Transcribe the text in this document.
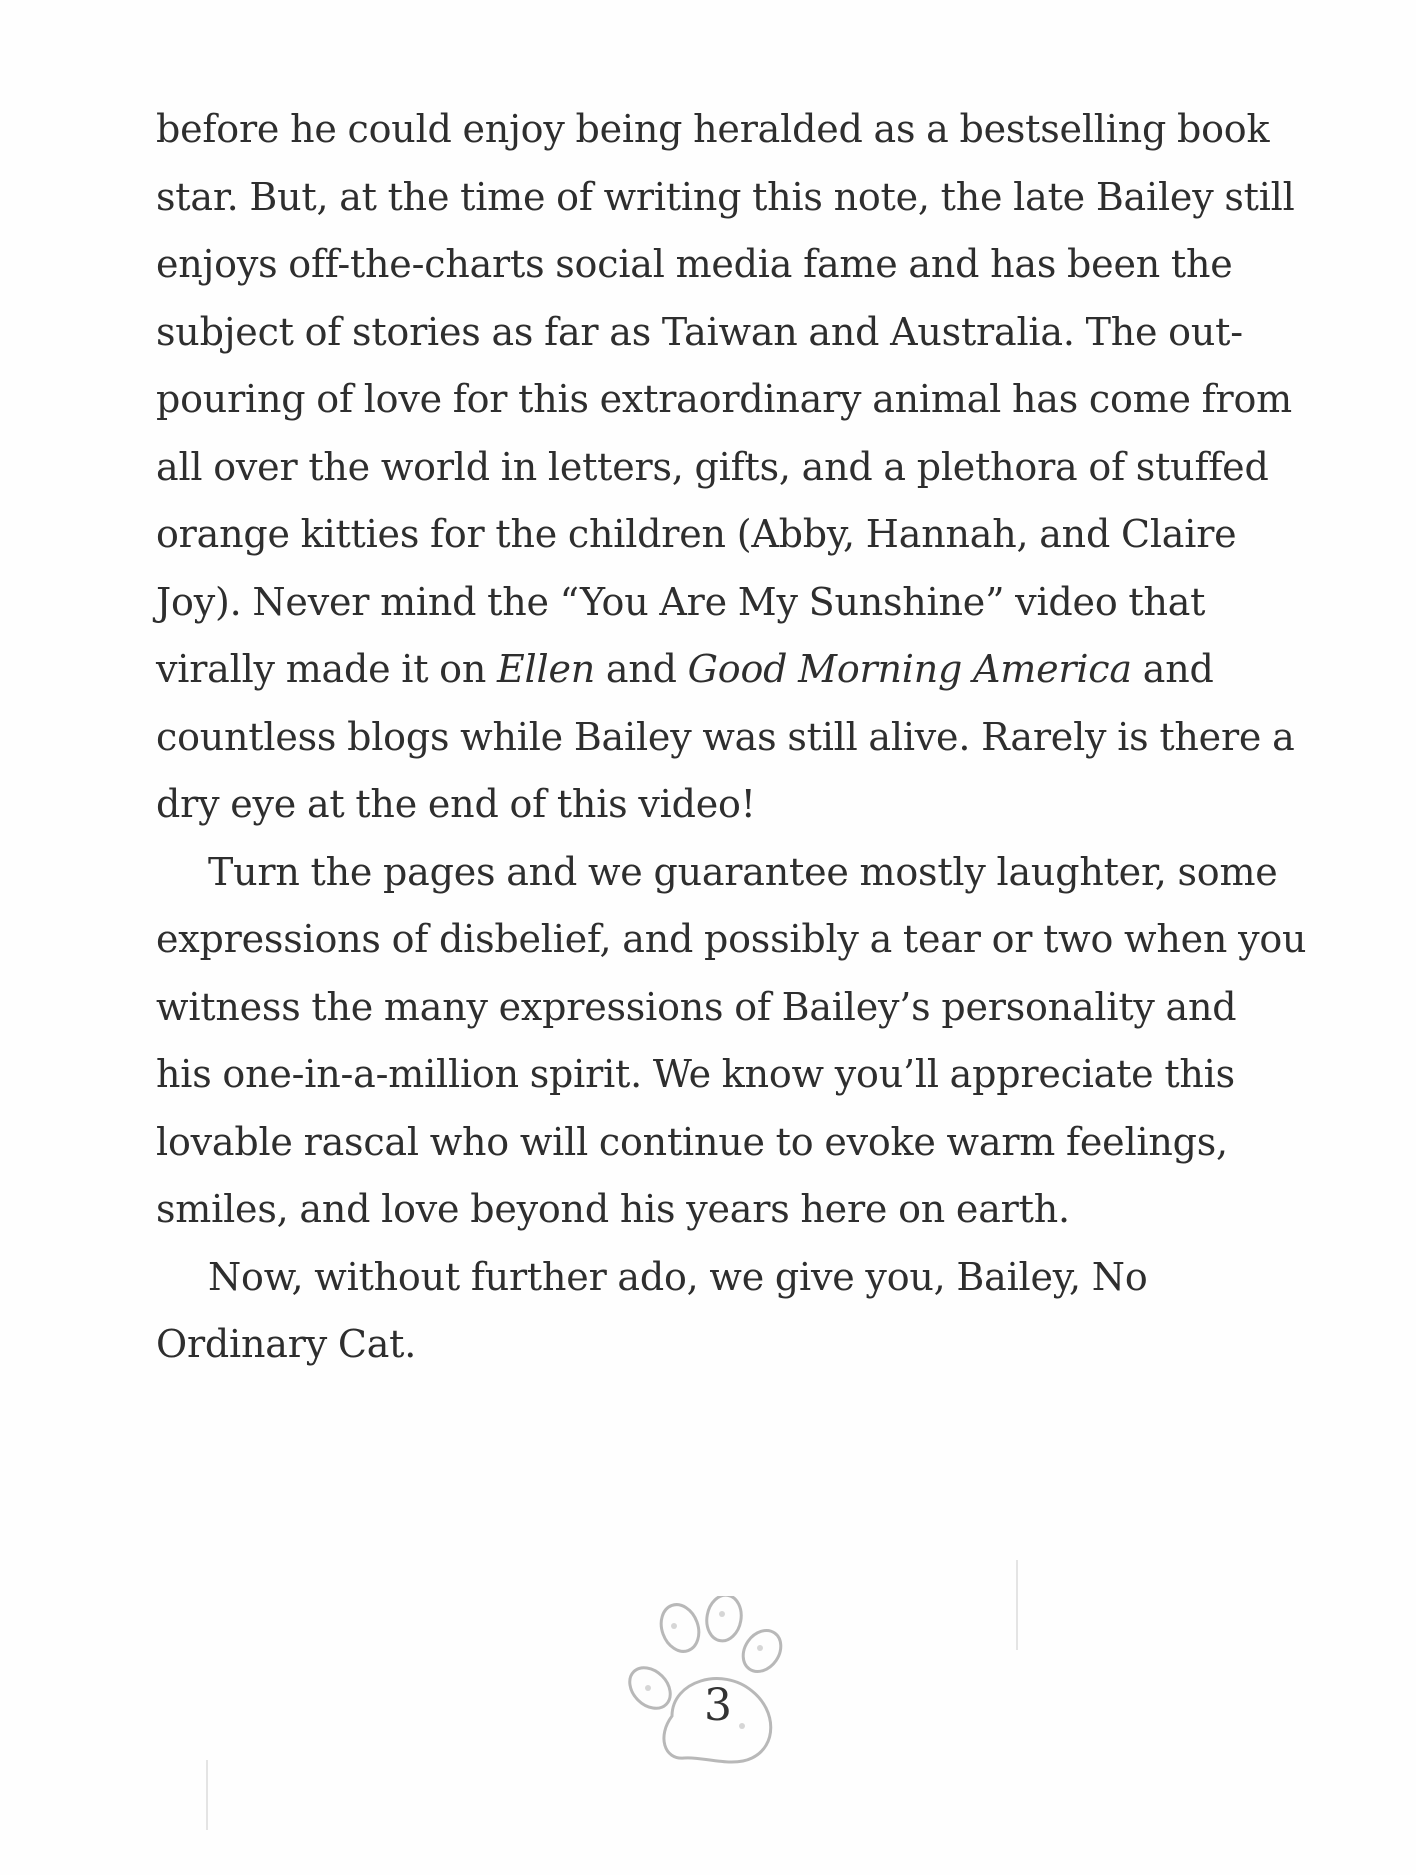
before he could enjoy being heralded as a bestselling book
star. But, at the time of writing this note, the late Bailey still
enjoys off-the-charts social media fame and has been the
subject of stories as far as Taiwan and Australia. The out-
pouring of love for this extraordinary animal has come from
all over the world in letters, gifts, and a plethora of stuffed
orange kitties for the children (Abby, Hannah, and Claire
Joy). Never mind the “You Are My Sunshine” video that
virally made it on Ellen and Good Morning America and
countless blogs while Bailey was still alive. Rarely is there a
dry eye at the end of this video!
Turn the pages and we guarantee mostly laughter, some
expressions of disbelief, and possibly a tear or two when you
witness the many expressions of Bailey’s personality and
his one-in-a-million spirit. We know you’ll appreciate this
lovable rascal who will continue to evoke warm feelings,
smiles, and love beyond his years here on earth.
Now, without further ado, we give you, Bailey, No
Ordinary Cat.
3
